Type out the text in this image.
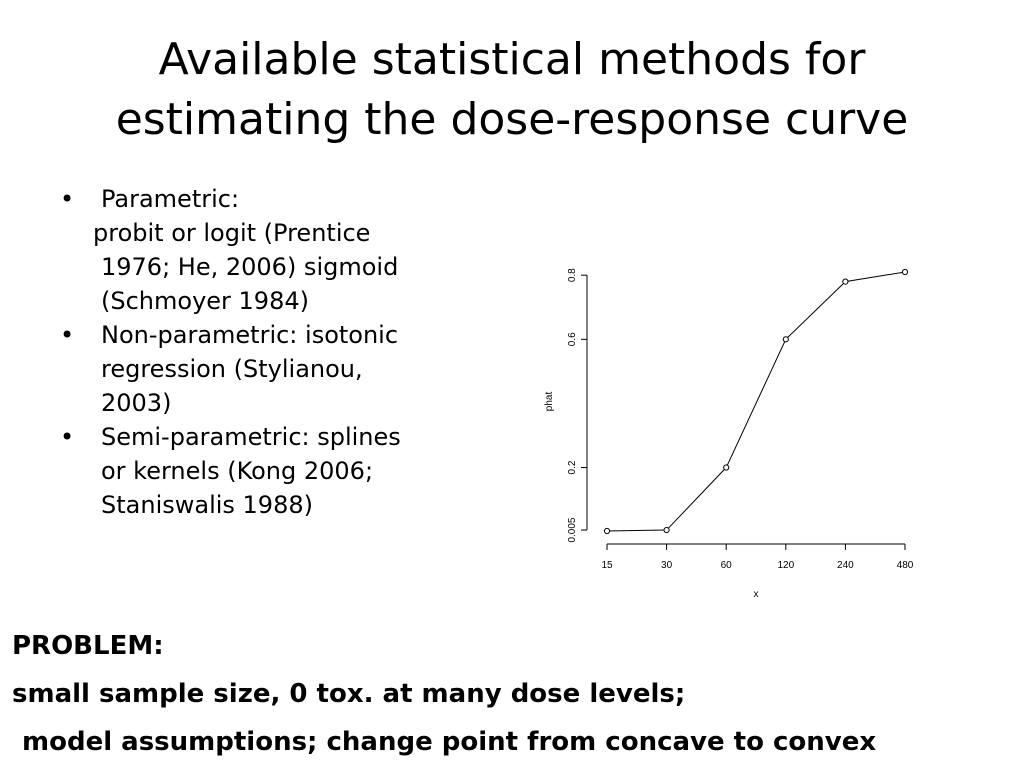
Available statistical methods for
estimating the dose-response curve
• Parametric:
probit or logit (Prentice
1976; He, 2006) sigmoid
(Schmoyer 1984)
• Non-parametric: isotonic
regression (Stylianou,
2003)
• Semi-parametric: splines
or kernels (Kong 2006;
Staniswalis 1988)
15	30	60	120	240	480
0.005
0.2
0.6
0.8
x
phat
PROBLEM:
small sample size, 0 tox. at many dose levels;
model assumptions; change point from concave to convex
